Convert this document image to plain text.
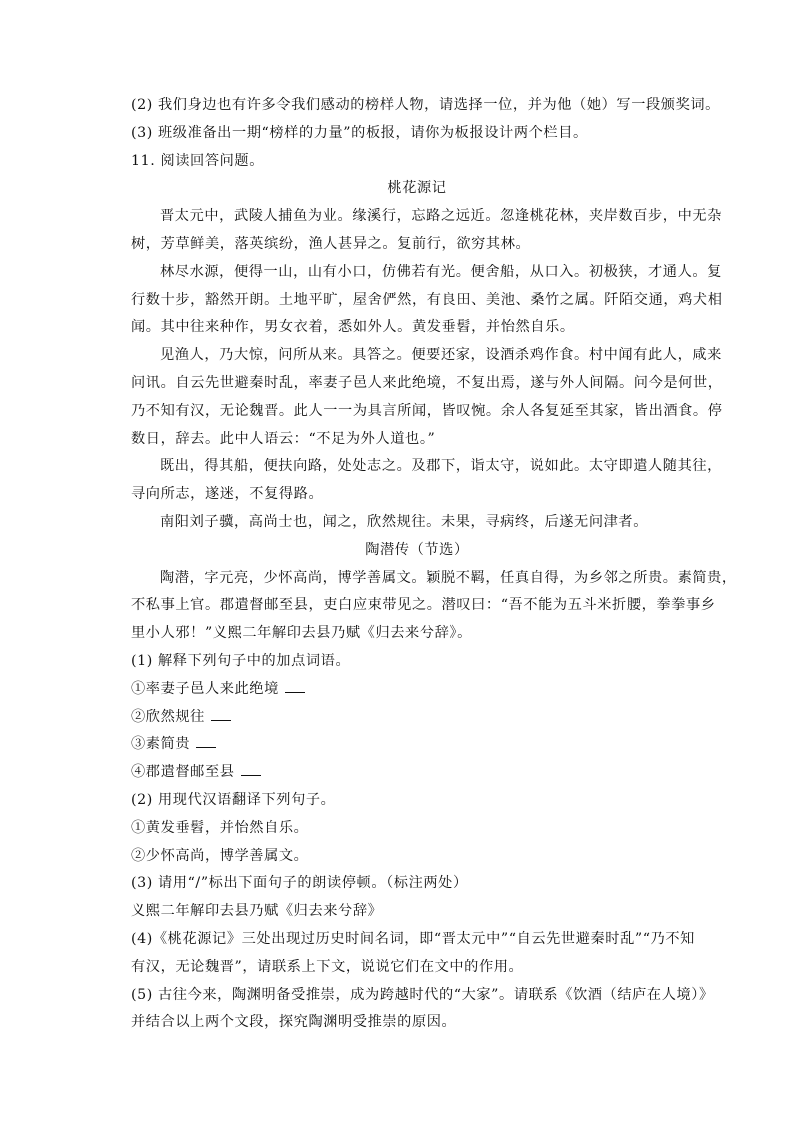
(2) 我们身边也有许多令我们感动的榜样人物，请选择一位，并为他（她）写一段颁奖词。
(3) 班级准备出一期“榜样的力量”的板报，请你为板报设计两个栏目。
11. 阅读回答问题。
桃花源记
晋太元中，武陵人捕鱼为业。缘溪行，忘路之远近。忽逢桃花林，夹岸数百步，中无杂
树，芳草鲜美，落英缤纷，渔人甚异之。复前行，欲穷其林。
林尽水源，便得一山，山有小口，仿佛若有光。便舍船，从口入。初极狭，才通人。复
行数十步，豁然开朗。土地平旷，屋舍俨然，有良田、美池、桑竹之属。阡陌交通，鸡犬相
闻。其中往来种作，男女衣着，悉如外人。黄发垂髫，并怡然自乐。
见渔人，乃大惊，问所从来。具答之。便要还家，设酒杀鸡作食。村中闻有此人，咸来
问讯。自云先世避秦时乱，率妻子邑人来此绝境，不复出焉，遂与外人间隔。问今是何世，
乃不知有汉，无论魏晋。此人一一为具言所闻，皆叹惋。余人各复延至其家，皆出酒食。停
数日，辞去。此中人语云：“不足为外人道也。”
既出，得其船，便扶向路，处处志之。及郡下，诣太守，说如此。太守即遣人随其往，
寻向所志，遂迷，不复得路。
南阳刘子骥，高尚士也，闻之，欣然规往。未果，寻病终，后遂无问津者。
陶潜传（节选）
陶潜，字元亮，少怀高尚，博学善属文。颖脱不羁，任真自得，为乡邻之所贵。素简贵，
不私事上官。郡遣督邮至县，吏白应束带见之。潜叹曰：“吾不能为五斗米折腰，拳拳事乡
里小人邪！”义熙二年解印去县乃赋《归去来兮辞》。
(1) 解释下列句子中的加点词语。
①率妻子邑人来此绝境
②欣然规往
③素简贵
④郡遣督邮至县
(2) 用现代汉语翻译下列句子。
①黄发垂髫，并怡然自乐。
②少怀高尚，博学善属文。
(3) 请用“/”标出下面句子的朗读停顿。（标注两处）
义熙二年解印去县乃赋《归去来兮辞》
(4)《桃花源记》三处出现过历史时间名词，即“晋太元中”“自云先世避秦时乱”“乃不知
有汉，无论魏晋”，请联系上下文，说说它们在文中的作用。
(5) 古往今来，陶渊明备受推崇，成为跨越时代的“大家”。请联系《饮酒（结庐在人境）》
并结合以上两个文段，探究陶渊明受推崇的原因。
